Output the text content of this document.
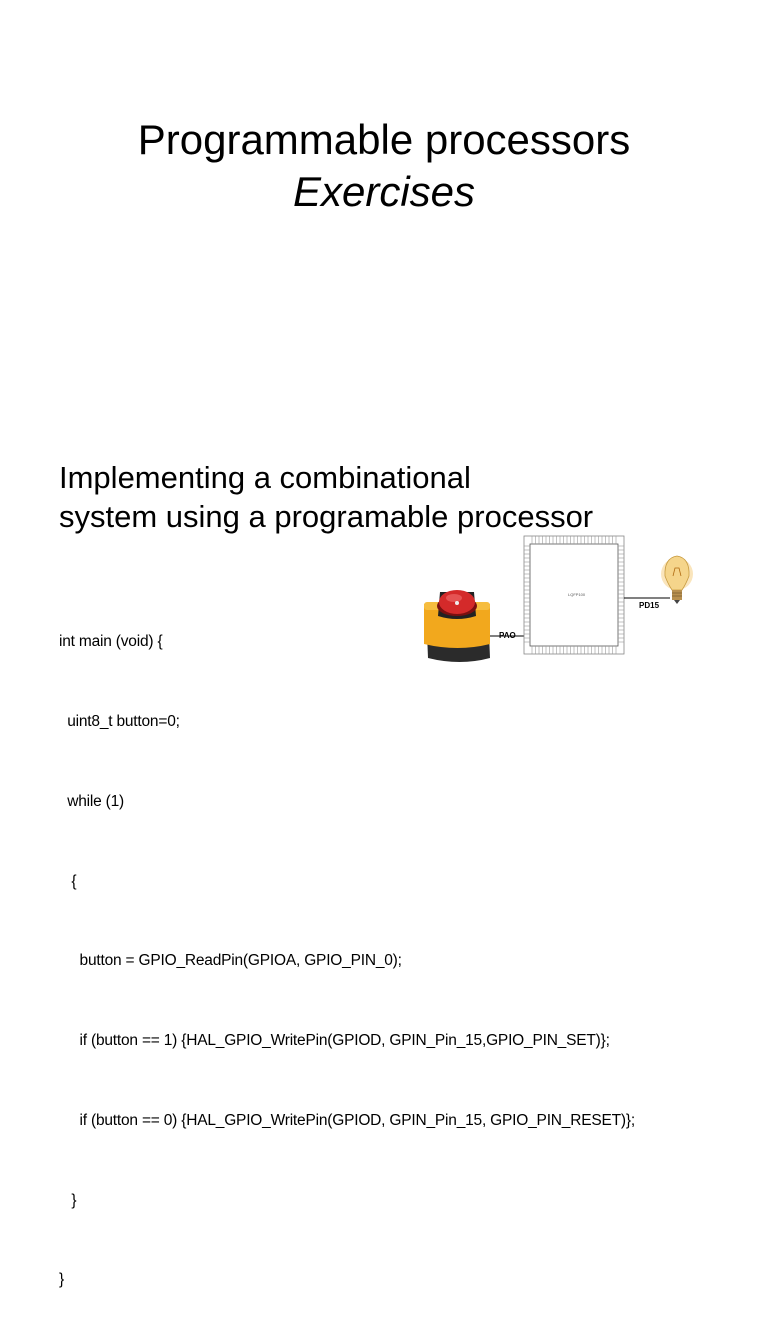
Programmable processors
Exercises
Implementing a combinational
system using a programable processor

int main (void) {

uint8_t button=0;

while (1)

{

button = GPIO_ReadPin(GPIOA, GPIO_PIN_0);

if (button == 1) {HAL_GPIO_WritePin(GPIOD, GPIN_Pin_15,GPIO_PIN_SET)};

if (button == 0) {HAL_GPIO_WritePin(GPIOD, GPIN_Pin_15, GPIO_PIN_RESET)};

}

}

PAO
LQFP100
PD15
